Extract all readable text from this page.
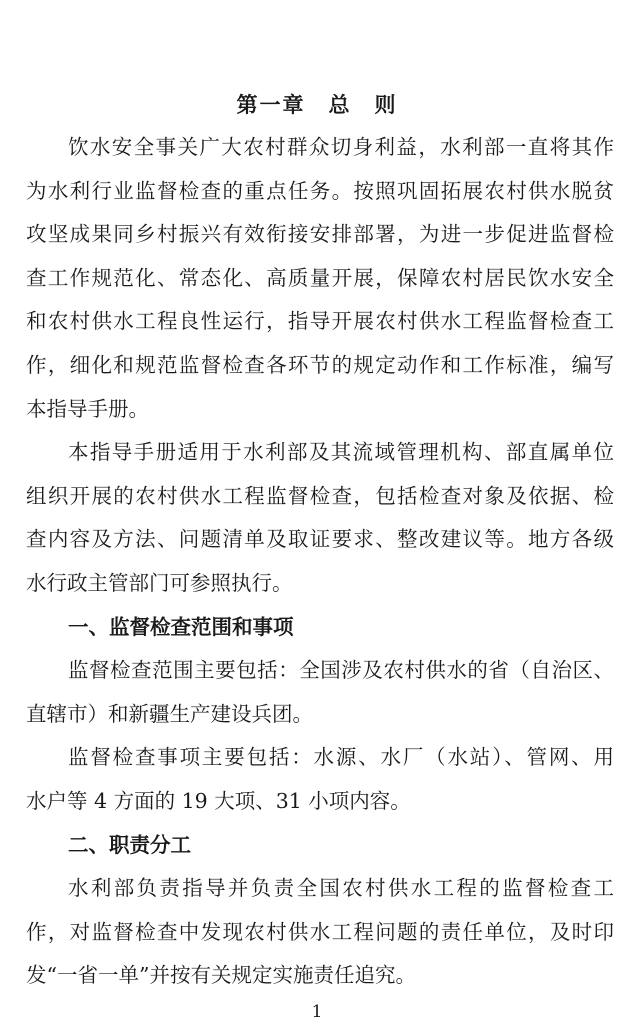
第一章　总　则
饮水安全事关广大农村群众切身利益，水利部一直将其作
为水利行业监督检查的重点任务。按照巩固拓展农村供水脱贫
攻坚成果同乡村振兴有效衔接安排部署，为进一步促进监督检
查工作规范化、常态化、高质量开展，保障农村居民饮水安全
和农村供水工程良性运行，指导开展农村供水工程监督检查工
作，细化和规范监督检查各环节的规定动作和工作标准，编写
本指导手册。
本指导手册适用于水利部及其流域管理机构、部直属单位
组织开展的农村供水工程监督检查，包括检查对象及依据、检
查内容及方法、问题清单及取证要求、整改建议等。地方各级
水行政主管部门可参照执行。
一、监督检查范围和事项
监督检查范围主要包括：全国涉及农村供水的省（自治区、
直辖市）和新疆生产建设兵团。
监督检查事项主要包括：水源、水厂（水站）、管网、用
水户等 4 方面的 19 大项、31 小项内容。
二、职责分工
水利部负责指导并负责全国农村供水工程的监督检查工
作，对监督检查中发现农村供水工程问题的责任单位，及时印
发“一省一单”并按有关规定实施责任追究。
1
